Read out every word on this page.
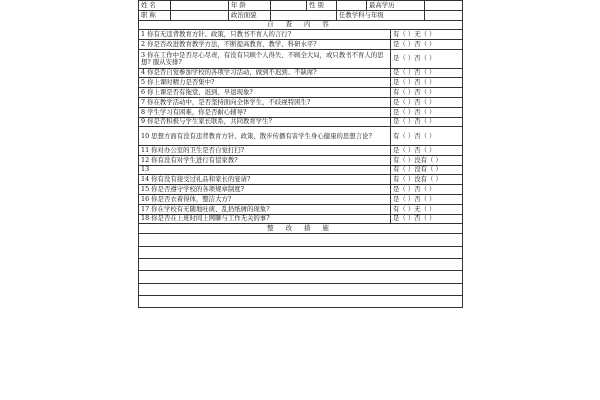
姓 名		年 龄		性 别		最高学历		
职 称		政治面貌			任教学科与年级			
自 查 内 容								
1 你有无违背教育方针、政策，只教书不育人的言行?							有（ ）无（ ）	
2 你是否改进教育教学方法，不断提高教育、教学、科研水平?							是（ ）否（ ）	
3 你在工作中是否尽心尽责，有没有只顾个人得失、不顾全大局，或只教书不育人的思想? 服从安排?							是（ ）否（ ）	
4 你是否自觉参加学校的各项学习活动，做到不迟到、不缺席?							是（ ）否（ ）	
5 你上课时精力是否集中?							是（ ）否（ ）	
6 你上课是否有拖堂、迟到、早退现象?							有（ ）否（ ）	
7 你在教学活动中，是否坚持面向全体学生，不歧视特困生?							是（ ）否（ ）	
8 学生学习有困难，你是否耐心辅导?							是（ ）否（ ）	
9 你是否积极与学生家长联系，共同教育学生?							是（ ）否（ ）	
10 思想方面有没有违背教育方针、政策，散步传播有害学生身心健康的思想言论?							有（ ）否（ ）	
11 你对办公室的卫生是否自觉打扫?							是（ ）否（ ）	
12 你有没有对学生进行有偿家教?							有（ ）没有（ ）	
13							有（ ）没有（ ）	
14 你有没有接受过礼品和家长的宴请?							有（ ）没有（ ）	
15 你是否遵守学校的各项规章制度?							是（ ）否（ ）	
16 你是否衣着得体，整洁大方?							是（ ）否（ ）	
17 你在学校有无随地吐痰、乱扔纸屑的现象?							有（ ）无（ ）	
18 你是否在上班时间上网聊与工作无关的事?							是（ ）否（ ）	
整 改 措 施								
